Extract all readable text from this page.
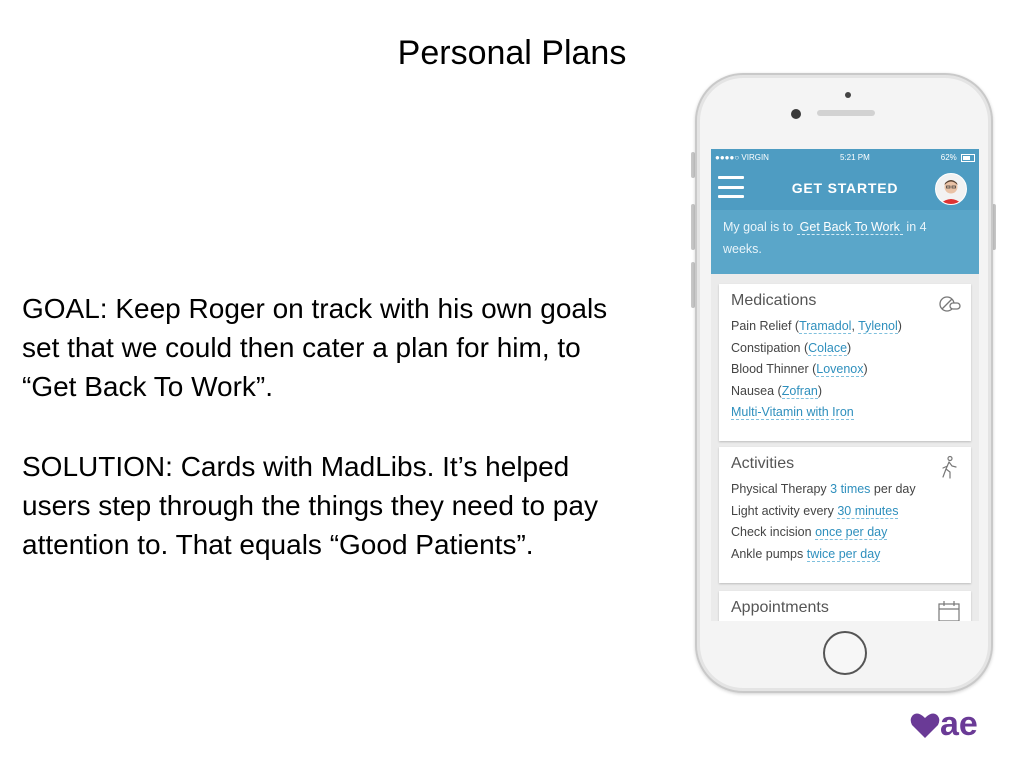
Personal Plans

GOAL: Keep Roger on track with his own goals set that we could then cater a plan for him, to “Get Back To Work”.

SOLUTION: Cards with MadLibs. It’s helped users step through the things they need to pay attention to. That equals “Good Patients”.

●●●●○ VIRGIN	5:21 PM	62%
GET STARTED
My goal is to Get Back To Work in 4 weeks.
Medications
Pain Relief (Tramadol, Tylenol)
Constipation (Colace)
Blood Thinner (Lovenox)
Nausea (Zofran)
Multi-Vitamin with Iron
Activities
Physical Therapy 3 times per day
Light activity every 30 minutes
Check incision once per day
Ankle pumps twice per day
Appointments
ae
